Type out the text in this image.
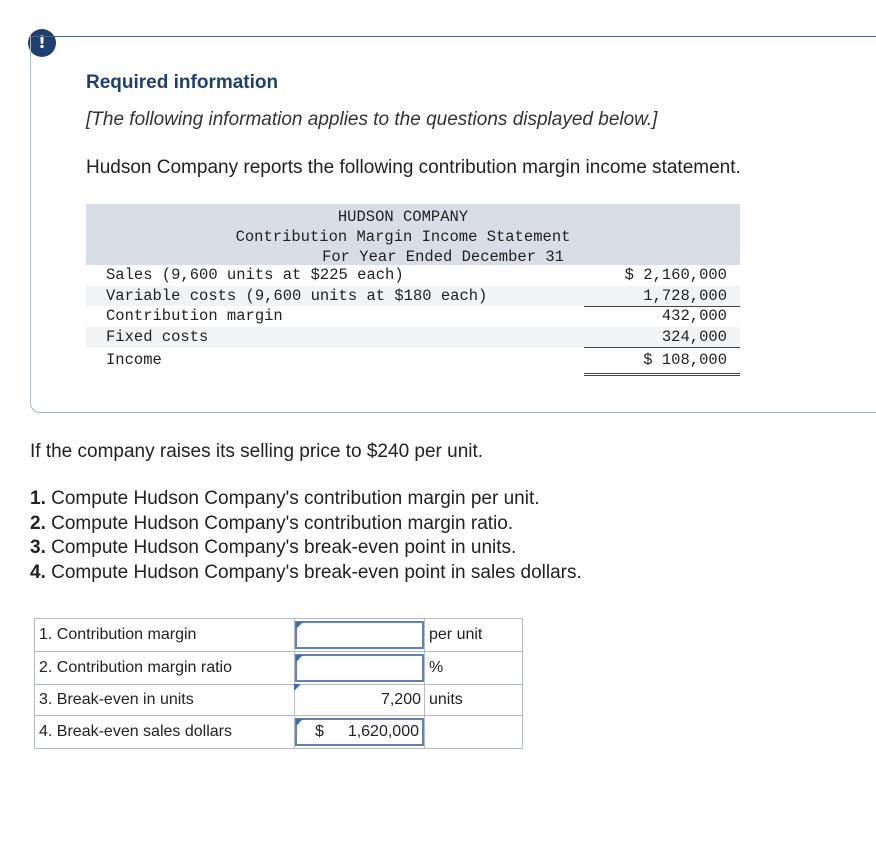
!

Required information

[The following information applies to the questions displayed below.]

Hudson Company reports the following contribution margin income statement.

HUDSON COMPANY
Contribution Margin Income Statement
For Year Ended December 31
Sales (9,600 units at $225 each)	$ 2,160,000
Variable costs (9,600 units at $180 each)	1,728,000
Contribution margin	432,000
Fixed costs	324,000
Income	$ 108,000

If the company raises its selling price to $240 per unit.

1. Compute Hudson Company's contribution margin per unit.
2. Compute Hudson Company's contribution margin ratio.
3. Compute Hudson Company's break-even point in units.
4. Compute Hudson Company's break-even point in sales dollars.
1. Contribution margin		per unit
2. Contribution margin ratio		%
3. Break-even in units	7,200	units
4. Break-even sales dollars	$ 1,620,000	
